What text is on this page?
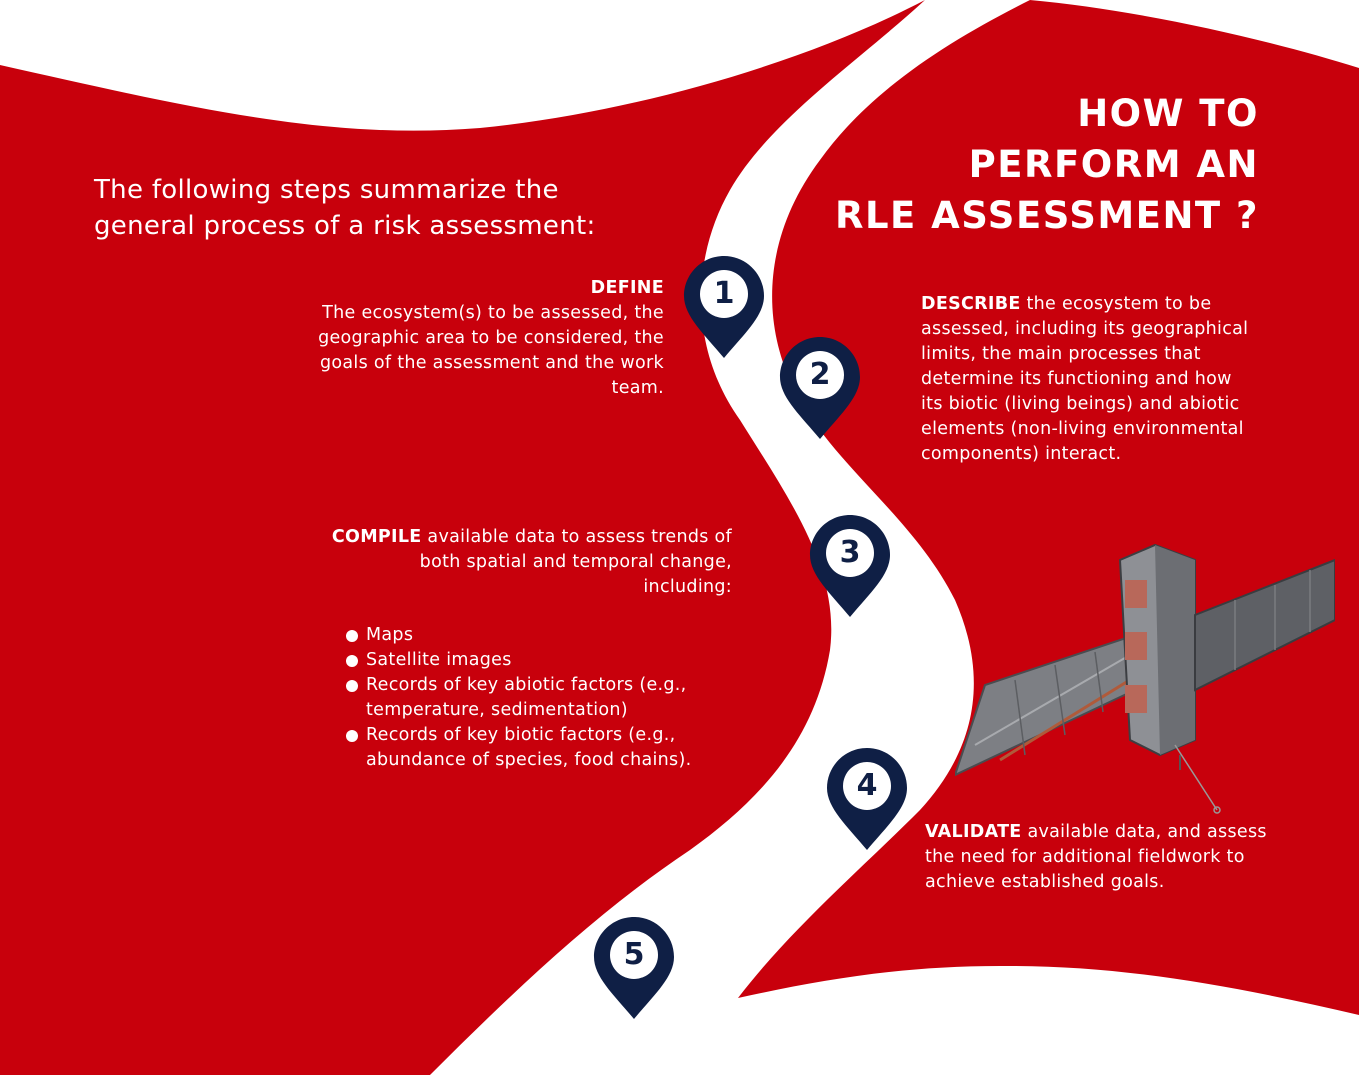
HOW TO
PERFORM AN
RLE ASSESSMENT ?
The following steps summarize the general process of a risk assessment:
DEFINE
The ecosystem(s) to be assessed, the geographic area to be considered, the goals of the assessment and the work team.
DESCRIBE the ecosystem to be assessed, including its geographical limits, the main processes that determine its functioning and how its biotic (living beings) and abiotic elements (non-living environmental components) interact.
COMPILE available data to assess trends of both spatial and temporal change, including:
Maps
Satellite images
Records of key abiotic factors (e.g., temperature, sedimentation)
Records of key biotic factors (e.g., abundance of species, food chains).
VALIDATE available data, and assess the need for additional fieldwork to achieve established goals.
1
2
3
4
5
